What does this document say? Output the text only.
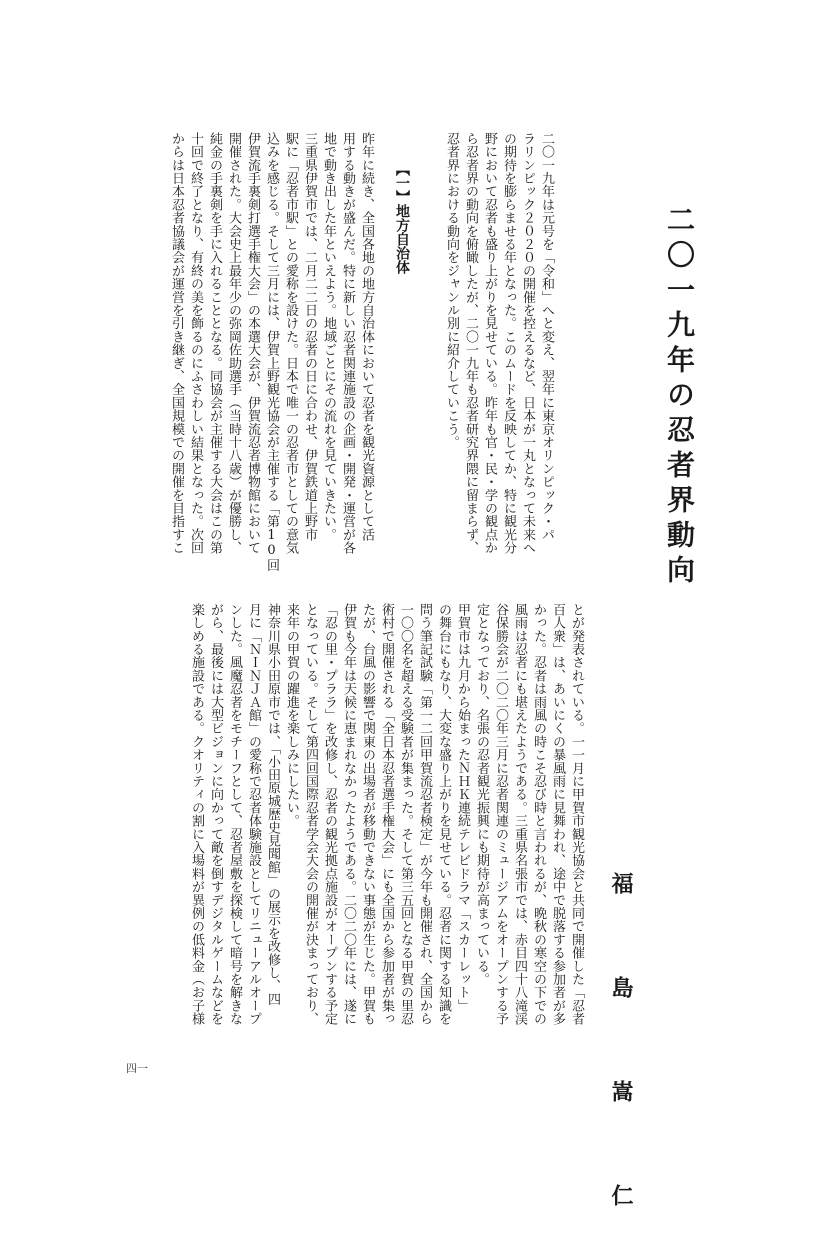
二〇一九年の忍者界動向
福 島 嵩 仁
二〇一九年は元号を「令和」へと変え、翌年に東京オリンピック・パ
ラリンピック２０２０の開催を控えるなど、日本が一丸となって未来へ
の期待を膨らませる年となった。このムードを反映してか、特に観光分
野において忍者も盛り上がりを見せている。昨年も官・民・学の観点か
ら忍者界の動向を俯瞰したが、二〇一九年も忍者研究界隈に留まらず、
忍者界における動向をジャンル別に紹介していこう。
【一】地方自治体
昨年に続き、全国各地の地方自治体において忍者を観光資源として活
用する動きが盛んだ。特に新しい忍者関連施設の企画・開発・運営が各
地で動き出した年といえよう。地域ごとにその流れを見ていきたい。
三重県伊賀市では、二月二二日の忍者の日に合わせ、伊賀鉄道上野市
駅に「忍者市駅」との愛称を設けた。日本で唯一の忍者市としての意気
込みを感じる。そして三月には、伊賀上野観光協会が主催する「第10回
伊賀流手裏剣打選手権大会」の本選大会が、伊賀流忍者博物館において
開催された。大会史上最年少の弥岡佐助選手（当時十八歳）が優勝し、
純金の手裏剣を手に入れることとなる。同協会が主催する大会はこの第
十回で終了となり、有終の美を飾るのにふさわしい結果となった。次回
からは日本忍者協議会が運営を引き継ぎ、全国規模での開催を目指すこ
とが発表されている。一一月に甲賀市観光協会と共同で開催した「忍者
百人衆」は、あいにくの暴風雨に見舞われ、途中で脱落する参加者が多
かった。忍者は雨風の時こそ忍び時と言われるが、晩秋の寒空の下での
風雨は忍者にも堪えたようである。三重県名張市では、赤目四十八滝渓
谷保勝会が二〇二〇年三月に忍者関連のミュージアムをオープンする予
定となっており、名張の忍者観光振興にも期待が高まっている。
甲賀市は九月から始まったＮＨＫ連続テレビドラマ「スカーレット」
の舞台にもなり、大変な盛り上がりを見せている。忍者に関する知識を
問う筆記試験「第一二回甲賀流忍者検定」が今年も開催され、全国から
一〇〇名を超える受験者が集まった。そして第三五回となる甲賀の里忍
術村で開催される「全日本忍者選手権大会」にも全国から参加者が集っ
たが、台風の影響で関東の出場者が移動できない事態が生じた。甲賀も
伊賀も今年は天候に恵まれなかったようである。二〇二〇年には、遂に
「忍の里・プララ」を改修し、忍者の観光拠点施設がオープンする予定
となっている。そして第四回国際忍者学会大会の開催が決まっており、
来年の甲賀の躍進を楽しみにしたい。
神奈川県小田原市では、「小田原城歴史見聞館」の展示を改修し、四
月に「ＮＩＮＪＡ館」の愛称で忍者体験施設としてリニューアルオープ
ンした。風魔忍者をモチーフとして、忍者屋敷を探検して暗号を解きな
がら、最後には大型ビジョンに向かって敵を倒すデジタルゲームなどを
楽しめる施設である。クオリティの割に入場料が異例の低料金（お子様
四一
